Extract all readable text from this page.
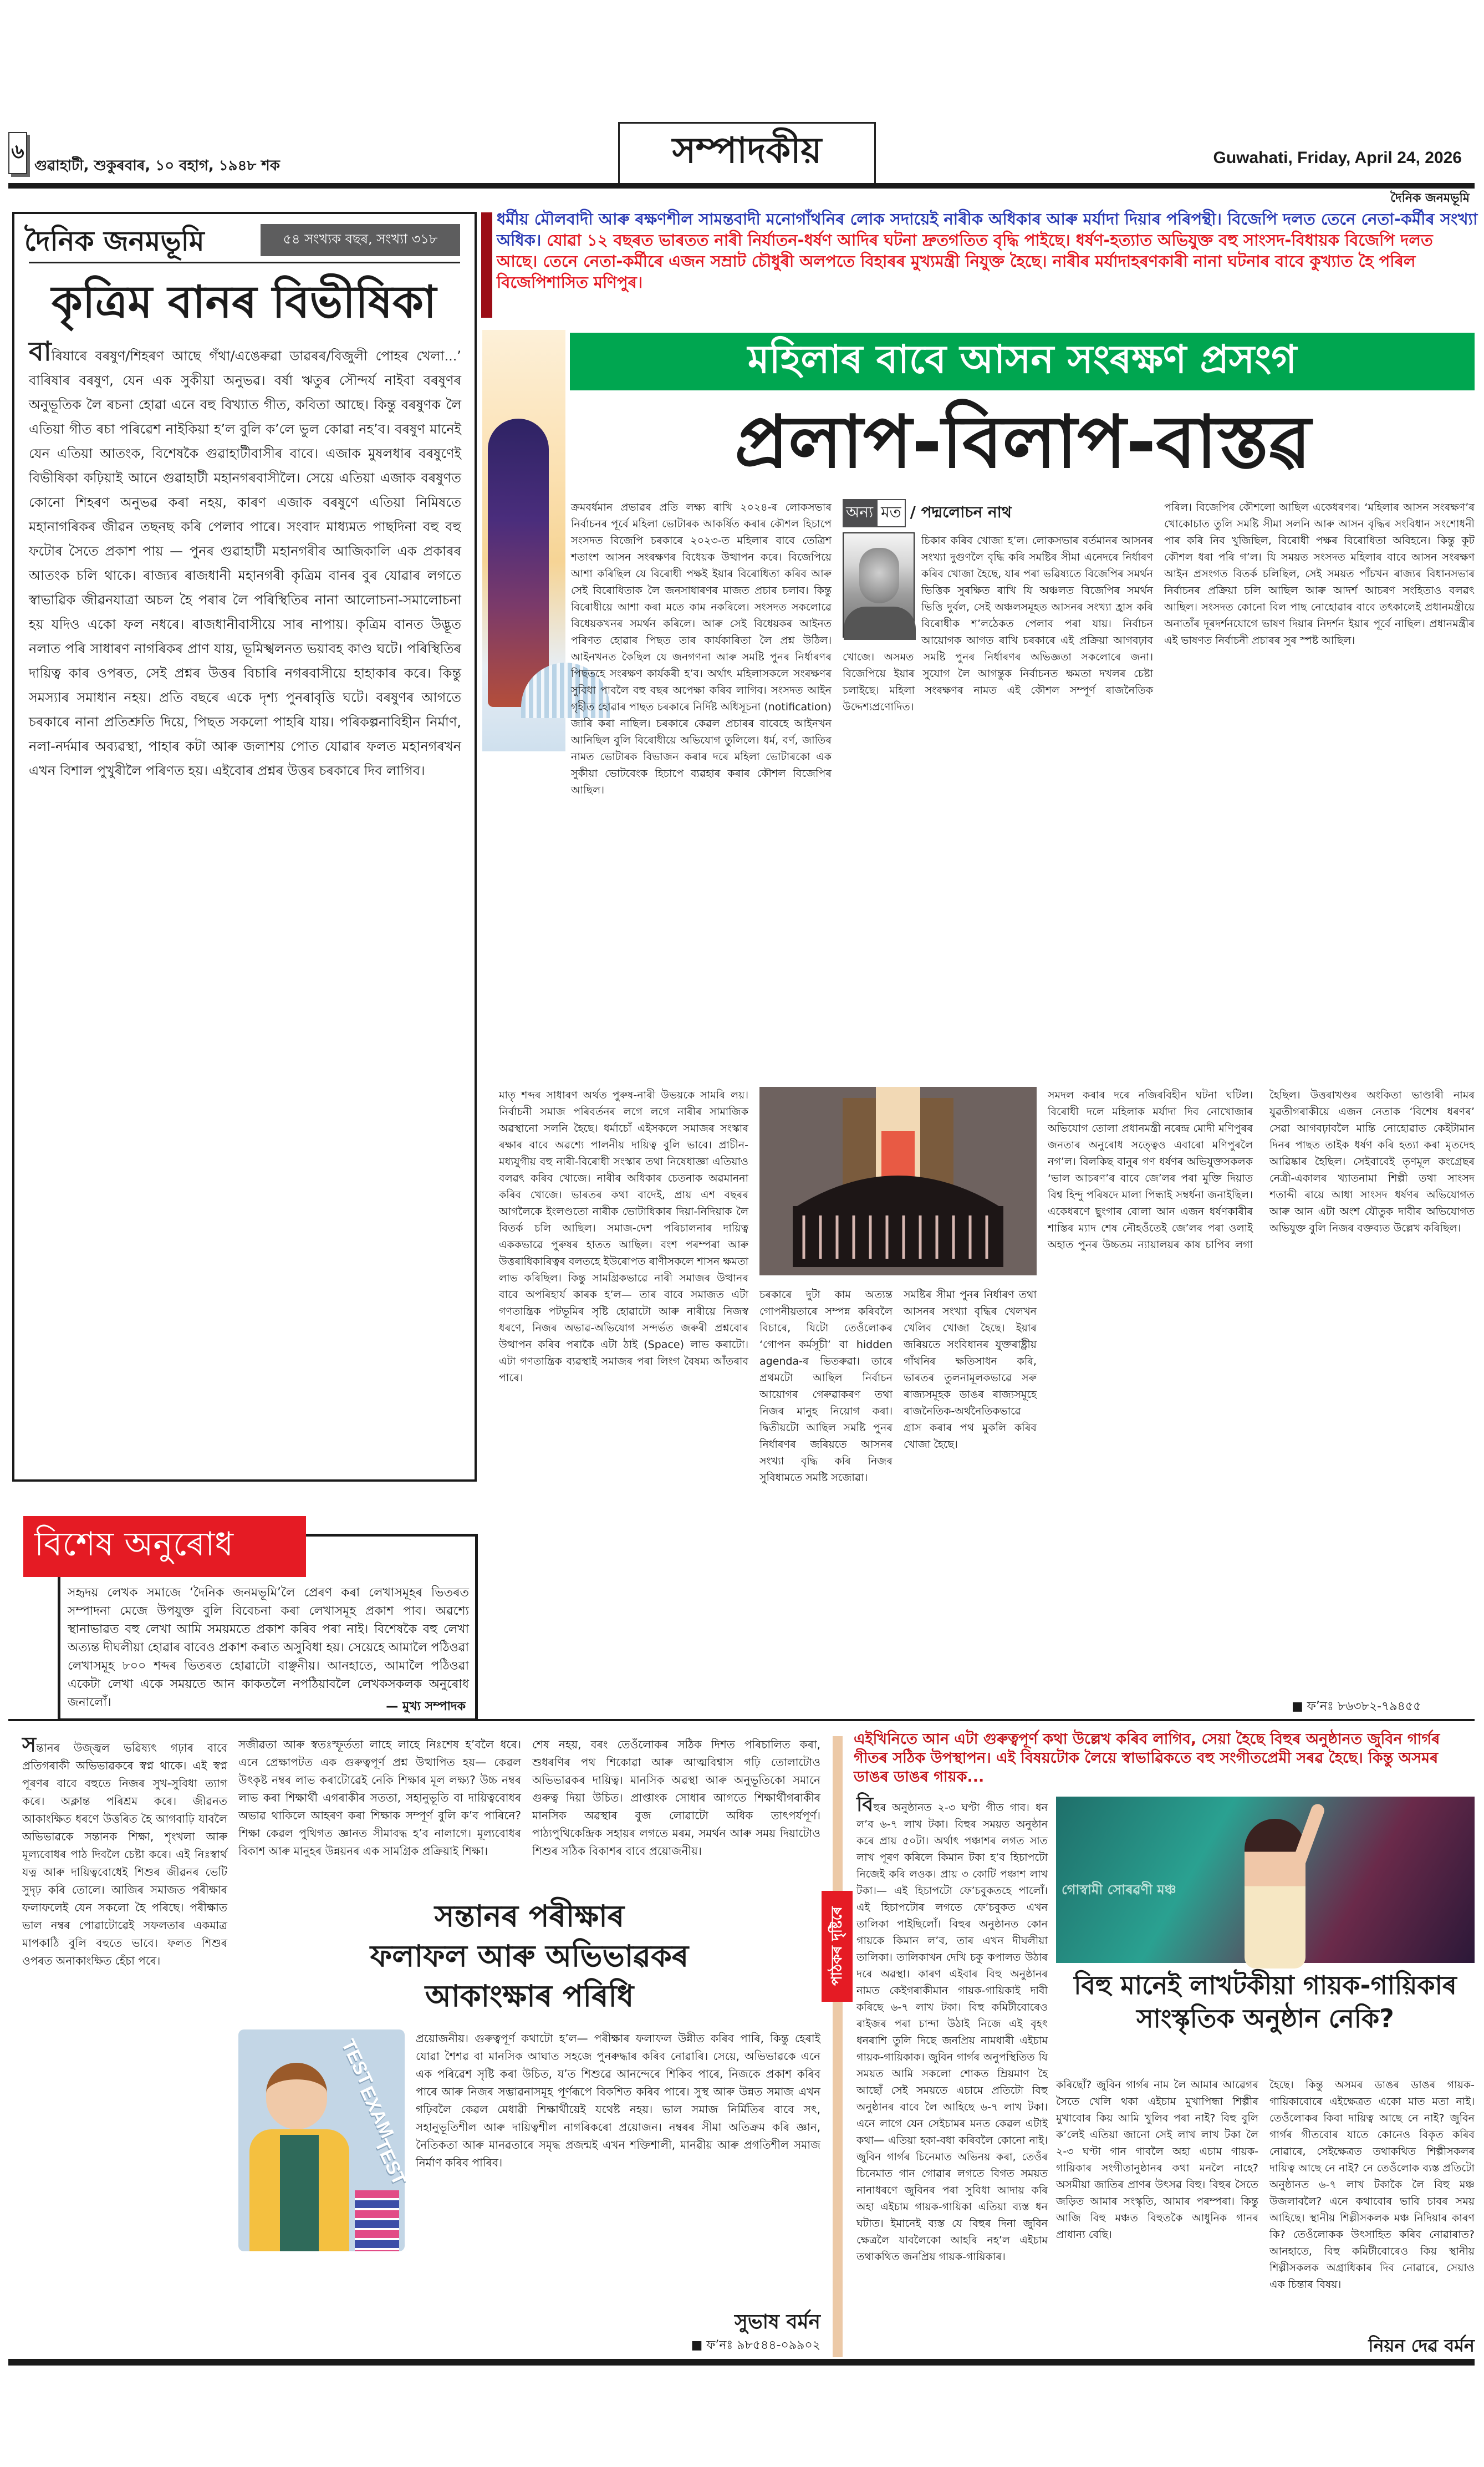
৬
গুৱাহাটী, শুকুৰবাৰ, ১০ বহাগ, ১৯৪৮ শক	সম্পাদকীয়	Guwahati, Friday, April 24, 2026
দৈনিক জনমভূমি
দৈনিক জনমভূমি	৫৪ সংখ্যক বছৰ, সংখ্যা ৩১৮
কৃত্ৰিম বানৰ বিভীষিকা
বাৰিযাৰে বৰষুণ/শিহৰণ আছে গঁথা/এঙেৰুৱা ডাৱৰৰ/বিজুলী পোহৰ খেলা...’ বাৰিষাৰ বৰষুণ, যেন এক সুকীয়া অনুভৱ। বৰ্ষা ঋতুৰ সৌন্দৰ্য নাইবা বৰষুণৰ অনুভূতিক লৈ ৰচনা হোৱা এনে বহু বিখ্যাত গীত, কবিতা আছে। কিন্তু বৰষুণক লৈ এতিয়া গীত ৰচা পৰিৱেশ নাইকিয়া হ’ল বুলি ক’লে ভুল কোৱা নহ’ব। বৰষুণ মানেই যেন এতিয়া আতংক, বিশেষকৈ গুৱাহাটীবাসীৰ বাবে। এজাক মুষলধাৰ বৰষুণেই বিভীষিকা কঢ়িয়াই আনে গুৱাহাটী মহানগৰবাসীলৈ। সেয়ে এতিয়া এজাক বৰষুণত কোনো শিহৰণ অনুভৱ কৰা নহয়, কাৰণ এজাক বৰষুণে এতিয়া নিমিষতে মহানাগৰিকৰ জীৱন তছনছ কৰি পেলাব পাৰে। সংবাদ মাধ্যমত পাছদিনা বহু বহু ফটোৰ সৈতে প্ৰকাশ পায় — পুনৰ গুৱাহাটী মহানগৰীৰ আজিকালি এক প্ৰকাৰৰ আতংক চলি থাকে। ৰাজ্যৰ ৰাজধানী মহানগৰী কৃত্ৰিম বানৰ বুৰ যোৱাৰ লগতে স্বাভাৱিক জীৱনযাত্ৰা অচল হৈ পৰাৰ লৈ পৰিস্থিতিৰ নানা আলোচনা-সমালোচনা হয় যদিও একো ফল নধৰে। ৰাজধানীবাসীয়ে সাৰ নাপায়। কৃত্ৰিম বানত উদ্ভূত নলাত পৰি সাধাৰণ নাগৰিকৰ প্ৰাণ যায়, ভূমিস্খলনত ভয়াবহ কাণ্ড ঘটে। পৰিস্থিতিৰ দায়িত্ব কাৰ ওপৰত, সেই প্ৰশ্নৰ উত্তৰ বিচাৰি নগৰবাসীয়ে হাহাকাৰ কৰে। কিন্তু সমস্যাৰ সমাধান নহয়। প্ৰতি বছৰে একে দৃশ্য পুনৰাবৃত্তি ঘটে। বৰষুণৰ আগতে চৰকাৰে নানা প্ৰতিশ্ৰুতি দিয়ে, পিছত সকলো পাহৰি যায়। পৰিকল্পনাবিহীন নিৰ্মাণ, নলা-নৰ্দমাৰ অব্যৱস্থা, পাহাৰ কটা আৰু জলাশয় পোত যোৱাৰ ফলত মহানগৰখন এখন বিশাল পুখুৰীলৈ পৰিণত হয়। এইবোৰ প্ৰশ্নৰ উত্তৰ চৰকাৰে দিব লাগিব।
বিশেষ অনুৰোধ
সহৃদয় লেখক সমাজে ‘দৈনিক জনমভূমি’লৈ প্ৰেৰণ কৰা লেখাসমূহৰ ভিতৰত সম্পাদনা মেজে উপযুক্ত বুলি বিবেচনা কৰা লেখাসমূহ প্ৰকাশ পাব। অৱশ্যে স্থানাভাৱত বহু লেখা আমি সময়মতে প্ৰকাশ কৰিব পৰা নাই। বিশেষকৈ বহু লেখা অত্যন্ত দীঘলীয়া হোৱাৰ বাবেও প্ৰকাশ কৰাত অসুবিধা হয়। সেয়েহে আমালৈ পঠিওৱা লেখাসমূহ ৮০০ শব্দৰ ভিতৰত হোৱাটো বাঞ্ছনীয়। আনহাতে, আমালৈ পঠিওৱা একেটা লেখা একে সময়তে আন কাকতলৈ নপঠিয়াবলৈ লেখকসকলক অনুৰোধ জনালোঁ।	— মুখ্য সম্পাদক
ধৰ্মীয় মৌলবাদী আৰু ৰক্ষণশীল সামন্তবাদী মনোগাঁথনিৰ লোক সদায়েই নাৰীক অধিকাৰ আৰু মৰ্যাদা দিয়াৰ পৰিপন্থী। বিজেপি দলত তেনে নেতা-কৰ্মীৰ সংখ্যা অধিক। যোৱা ১২ বছৰত ভাৰতত নাৰী নিৰ্যাতন-ধৰ্ষণ আদিৰ ঘটনা দ্ৰুতগতিত বৃদ্ধি পাইছে। ধৰ্ষণ-হত্যাত অভিযুক্ত বহু সাংসদ-বিধায়ক বিজেপি দলত আছে। তেনে নেতা-কৰ্মীৰে এজন সম্ৰাট চৌধুৰী অলপতে বিহাৰৰ মুখ্যমন্ত্ৰী নিযুক্ত হৈছে। নাৰীৰ মৰ্যাদাহৰণকাৰী নানা ঘটনাৰ বাবে কুখ্যাত হৈ পৰিল বিজেপিশাসিত মণিপুৰ।
মহিলাৰ বাবে আসন সংৰক্ষণ প্ৰসংগ
প্ৰলাপ-বিলাপ-বাস্তৱ
অন্য মত / পদ্মলোচন নাথ
ক্ৰমবৰ্ধমান প্ৰভাৱৰ প্ৰতি লক্ষ্য ৰাখি ২০২৪-ৰ লোকসভাৰ নিৰ্বাচনৰ পূৰ্বে মহিলা ভোটাৰক আকৰ্ষিত কৰাৰ কৌশল হিচাপে সংসদত বিজেপি চৰকাৰে ২০২৩-ত মহিলাৰ বাবে তেত্ৰিশ শতাংশ আসন সংৰক্ষণৰ বিধেয়ক উত্থাপন কৰে। বিজেপিয়ে আশা কৰিছিল যে বিৰোধী পক্ষই ইয়াৰ বিৰোধিতা কৰিব আৰু সেই বিৰোধিতাক লৈ জনসাধাৰণৰ মাজত প্ৰচাৰ চলাব। কিন্তু বিৰোধীয়ে আশা কৰা মতে কাম নকৰিলে। সংসদত সকলোৱে বিধেয়কখনৰ সমৰ্থন কৰিলে। আৰু সেই বিধেয়কৰ আইনত পৰিণত হোৱাৰ পিছত তাৰ কাৰ্যকাৰিতা লৈ প্ৰশ্ন উঠিল। আইনখনত কৈছিল যে জনগণনা আৰু সমষ্টি পুনৰ নিৰ্ধাৰণৰ পিছতহে সংৰক্ষণ কাৰ্যকৰী হ’ব। অৰ্থাৎ মহিলাসকলে সংৰক্ষণৰ সুবিধা পাবলৈ বহু বছৰ অপেক্ষা কৰিব লাগিব। সংসদত আইন গৃহীত হোৱাৰ পাছত চৰকাৰে নিৰ্দিষ্ট অধিসূচনা (notification) জাৰি কৰা নাছিল। চৰকাৰে কেৱল প্ৰচাৰৰ বাবেহে আইনখন আনিছিল বুলি বিৰোধীয়ে অভিযোগ তুলিলে। ধৰ্ম, বৰ্ণ, জাতিৰ নামত ভোটাৰক বিভাজন কৰাৰ দৰে মহিলা ভোটাৰকো এক সুকীয়া ভোটবেংক হিচাপে ব্যৱহাৰ কৰাৰ কৌশল বিজেপিৰ আছিল।
চিকাৰ কৰিব খোজা হ’ল। লোকসভাৰ বৰ্তমানৰ আসনৰ সংখ্যা দুগুণলৈ বৃদ্ধি কৰি সমষ্টিৰ সীমা এনেদৰে নিৰ্ধাৰণ কৰিব খোজা হৈছে, যাৰ পৰা ভৱিষ্যতে বিজেপিৰ সমৰ্থন ভিত্তিক সুৰক্ষিত ৰাখি যি অঞ্চলত বিজেপিৰ সমৰ্থন ভিত্তি দুৰ্বল, সেই অঞ্চলসমূহত আসনৰ সংখ্যা হ্ৰাস কৰি বিৰোধীক শ’লঠেকত পেলাব পৰা যায়। নিৰ্বাচন আয়োগক আগত ৰাখি চৰকাৰে এই প্ৰক্ৰিয়া আগবঢ়াব খোজে। অসমত সমষ্টি পুনৰ নিৰ্ধাৰণৰ অভিজ্ঞতা সকলোৰে জনা। বিজেপিয়ে ইয়াৰ সুযোগ লৈ আগন্তুক নিৰ্বাচনত ক্ষমতা দখলৰ চেষ্টা চলাইছে। মহিলা সংৰক্ষণৰ নামত এই কৌশল সম্পূৰ্ণ ৰাজনৈতিক উদ্দেশ্যপ্ৰণোদিত।
পৰিল। বিজেপিৰ কৌশলো আছিল একেধৰণৰ। ‘মহিলাৰ আসন সংৰক্ষণ’ৰ খোকোচাত তুলি সমষ্টি সীমা সলনি আৰু আসন বৃদ্ধিৰ সংবিধান সংশোধনী পাৰ কৰি নিব খুজিছিল, বিৰোধী পক্ষৰ বিৰোধিতা অবিহনে। কিন্তু কূট কৌশল ধৰা পৰি গ’ল। যি সময়ত সংসদত মহিলাৰ বাবে আসন সংৰক্ষণ আইন প্ৰসংগত বিতৰ্ক চলিছিল, সেই সময়ত পাঁচখন ৰাজ্যৰ বিধানসভাৰ নিৰ্বাচনৰ প্ৰক্ৰিয়া চলি আছিল আৰু আদৰ্শ আচৰণ সংহিতাও বলৱৎ আছিল। সংসদত কোনো বিল পাছ নোহোৱাৰ বাবে তৎকালেই প্ৰধানমন্ত্ৰীয়ে অনাতাঁৰ দূৰদৰ্শনযোগে ভাষণ দিয়াৰ নিদৰ্শন ইয়াৰ পূৰ্বে নাছিল। প্ৰধানমন্ত্ৰীৰ এই ভাষণত নিৰ্বাচনী প্ৰচাৰৰ সুৰ স্পষ্ট আছিল।
মাতৃ শব্দৰ সাধাৰণ অৰ্থত পুৰুষ-নাৰী উভয়কে সামৰি লয়। নিৰ্বাচনী সমাজ পৰিবৰ্তনৰ লগে লগে নাৰীৰ সামাজিক অৱস্থানো সলনি হৈছে। ধৰ্মাচোঁ এইসকলে সমাজৰ সংস্কাৰ ৰক্ষাৰ বাবে অৱশ্যে পালনীয় দায়িত্ব বুলি ভাবে। প্ৰাচীন-মধ্যযুগীয় বহু নাৰী-বিৰোধী সংস্কাৰ তথা নিষেধাজ্ঞা এতিয়াও বলৱৎ কৰিব খোজে। নাৰীৰ অধিকাৰ চেতনাক অৱমাননা কৰিব খোজে। ভাৰতৰ কথা বাদেই, প্ৰায় এশ বছৰৰ আগলৈকে ইংলণ্ডতো নাৰীক ভোটাধিকাৰ দিয়া-নিদিয়াক লৈ বিতৰ্ক চলি আছিল। সমাজ-দেশ পৰিচালনাৰ দায়িত্ব এককভাৱে পুৰুষৰ হাতত আছিল। বংশ পৰম্পৰা আৰু উত্তৰাধিকাৰিত্বৰ বলতহে ইউৰোপত ৰাণীসকলে শাসন ক্ষমতা লাভ কৰিছিল। কিন্তু সামগ্ৰিকভাৱে নাৰী সমাজৰ উত্থানৰ বাবে অপৰিহাৰ্য কাৰক হ’ল— তাৰ বাবে সমাজত এটা গণতান্ত্ৰিক পটভূমিৰ সৃষ্টি হোৱাটো আৰু নাৰীয়ে নিজস্ব ধৰণে, নিজৰ অভাৱ-অভিযোগ সন্দৰ্ভত জৰুৰী প্ৰশ্নবোৰ উত্থাপন কৰিব পৰাকৈ এটা ঠাই (Space) লাভ কৰাটো। এটা গণতান্ত্ৰিক ব্যৱস্থাই সমাজৰ পৰা লিংগ বৈষম্য আঁতৰাব পাৰে।
চৰকাৰে দুটা কাম অত্যন্ত গোপনীয়তাৰে সম্পন্ন কৰিবলৈ বিচাৰে, যিটো তেওঁলোকৰ ‘গোপন কৰ্মসূচী’ বা hidden agenda-ৰ ভিতৰুৱা। তাৰে প্ৰথমটো আছিল নিৰ্বাচন আয়োগৰ গেৰুৱাকৰণ তথা নিজৰ মানুহ নিয়োগ কৰা। দ্বিতীয়টো আছিল সমষ্টি পুনৰ নিৰ্ধাৰণৰ জৰিয়তে আসনৰ সংখ্যা বৃদ্ধি কৰি নিজৰ সুবিধামতে সমষ্টি সজোৱা।
সমষ্টিৰ সীমা পুনৰ নিৰ্ধাৰণ তথা আসনৰ সংখ্যা বৃদ্ধিৰ খেলখন খেলিব খোজা হৈছে। ইয়াৰ জৰিয়তে সংবিধানৰ যুক্তৰাষ্ট্ৰীয় গাঁথনিৰ ক্ষতিসাধন কৰি, ভাৰতৰ তুলনামূলকভাৱে সৰু ৰাজ্যসমূহক ডাঙৰ ৰাজ্যসমূহে ৰাজনৈতিক-অৰ্থনৈতিকভাৱে গ্ৰাস কৰাৰ পথ মুকলি কৰিব খোজা হৈছে।
সমদল কৰাৰ দৰে নজিৰবিহীন ঘটনা ঘটিল। বিৰোধী দলে মহিলাক মৰ্যাদা দিব নোখোজাৰ অভিযোগ তোলা প্ৰধানমন্ত্ৰী নৰেন্দ্ৰ মোদী মণিপুৰৰ জনতাৰ অনুৰোধ সত্ত্বেও এবাৰো মণিপুৰলৈ নগ’ল। বিলকিছ বানুৰ গণ ধৰ্ষণৰ অভিযুক্তসকলক ‘ভাল আচৰণ’ৰ বাবে জে’লৰ পৰা মুক্তি দিয়াত বিশ্ব হিন্দু পৰিষদে মালা পিন্ধাই সম্বৰ্ধনা জনাইছিল। একেধৰণে ছুংগাৰ বোলা আন এজন ধৰ্ষণকাৰীৰ শাস্তিৰ ম্যাদ শেষ নৌহওঁতেই জে’লৰ পৰা ওলাই অহাত পুনৰ উচ্চতম ন্যায়ালয়ৰ কাষ চাপিব লগা হৈছিল। উত্তৰাখণ্ডৰ অংকিতা ভাণ্ডাৰী নামৰ যুৱতীগৰাকীয়ে এজন নেতাক ‘বিশেষ ধৰণৰ’ সেৱা আগবঢ়াবলৈ মান্তি নোহোৱাত কেইটামান দিনৰ পাছত তাইক ধৰ্ষণ কৰি হত্যা কৰা মৃতদেহ আৱিষ্কাৰ হৈছিল। সেইবাবেই তৃণমূল কংগ্ৰেছৰ নেত্ৰী-একালৰ খ্যাতনামা শিল্পী তথা সাংসদ শতাব্দী ৰায়ে আধা সাংসদ ধৰ্ষণৰ অভিযোগত আৰু আন এটা অংশ যৌতুক দাবীৰ অভিযোগত অভিযুক্ত বুলি নিজৰ বক্তব্যত উল্লেখ কৰিছিল।
■ ফ’নঃ ৮৬৩৮২-৭৯৪৫৫
সন্তানৰ উজ্জ্বল ভৱিষ্যৎ গঢ়াৰ বাবে প্ৰতিগৰাকী অভিভাৱকৰে স্বপ্ন থাকে। এই স্বপ্ন পূৰণৰ বাবে বহুতে নিজৰ সুখ-সুবিধা ত্যাগ কৰে। অক্লান্ত পৰিশ্ৰম কৰে। জীৱনত আকাংক্ষিত ধৰণে উত্তৰিত হৈ আগবাঢ়ি যাবলৈ অভিভাৱকে সন্তানক শিক্ষা, শৃংখলা আৰু মূল্যবোধৰ পাঠ দিবলৈ চেষ্টা কৰে। এই নিঃস্বাৰ্থ যত্ন আৰু দায়িত্ববোধেই শিশুৰ জীৱনৰ ভেটি সুদৃঢ় কৰি তোলে। আজিৰ সমাজত পৰীক্ষাৰ ফলাফলেই যেন সকলো হৈ পৰিছে। পৰীক্ষাত ভাল নম্বৰ পোৱাটোৱেই সফলতাৰ একমাত্ৰ মাপকাঠি বুলি বহুতে ভাবে। ফলত শিশুৰ ওপৰত অনাকাংক্ষিত হেঁচা পৰে।
সজীৱতা আৰু স্বতঃস্ফূৰ্ততা লাহে লাহে নিঃশেষ হ’বলৈ ধৰে। এনে প্ৰেক্ষাপটত এক গুৰুত্বপূৰ্ণ প্ৰশ্ন উত্থাপিত হয়— কেৱল উৎকৃষ্ট নম্বৰ লাভ কৰাটোৱেই নেকি শিক্ষাৰ মূল লক্ষ্য? উচ্চ নম্বৰ লাভ কৰা শিক্ষাৰ্থী এগৰাকীৰ সততা, সহানুভূতি বা দায়িত্ববোধৰ অভাৱ থাকিলে আহৰণ কৰা শিক্ষাক সম্পূৰ্ণ বুলি ক’ব পাৰিনে? শিক্ষা কেৱল পুথিগত জ্ঞানত সীমাবদ্ধ হ’ব নালাগে। মূল্যবোধৰ বিকাশ আৰু মানুহৰ উন্নয়নৰ এক সামগ্ৰিক প্ৰক্ৰিয়াই শিক্ষা।
শেষ নহয়, বৰং তেওঁলোকৰ সঠিক দিশত পৰিচালিত কৰা, শুধৰণিৰ পথ শিকোৱা আৰু আত্মবিশ্বাস গঢ়ি তোলাটোও অভিভাৱকৰ দায়িত্ব। মানসিক অৱস্থা আৰু অনুভূতিকো সমানে গুৰুত্ব দিয়া উচিত। প্ৰাপ্তাংক সোধাৰ আগতে শিক্ষাৰ্থীগৰাকীৰ মানসিক অৱস্থাৰ বুজ লোৱাটো অধিক তাৎপৰ্যপূৰ্ণ। পাঠ্যপুথিকেন্দ্ৰিক সহায়ৰ লগতে মৰম, সমৰ্থন আৰু সময় দিয়াটোও শিশুৰ সঠিক বিকাশৰ বাবে প্ৰয়োজনীয়।
সন্তানৰ পৰীক্ষাৰ
ফলাফল আৰু অভিভাৱকৰ
আকাংক্ষাৰ পৰিধি
TEST
EXAM
TEST
প্ৰয়োজনীয়। গুৰুত্বপূৰ্ণ কথাটো হ’ল— পৰীক্ষাৰ ফলাফল উন্নীত কৰিব পাৰি, কিন্তু হেৰাই যোৱা শৈশৱ বা মানসিক আঘাত সহজে পুনৰুদ্ধাৰ কৰিব নোৱাৰি। সেয়ে, অভিভাৱকে এনে এক পৰিৱেশ সৃষ্টি কৰা উচিত, য’ত শিশুৱে আনন্দেৰে শিকিব পাৰে, নিজকে প্ৰকাশ কৰিব পাৰে আৰু নিজৰ সম্ভাৱনাসমূহ পূৰ্ণৰূপে বিকশিত কৰিব পাৰে। সুস্থ আৰু উন্নত সমাজ এখন গঢ়িবলৈ কেৱল মেধাৱী শিক্ষাৰ্থীয়েই যথেষ্ট নহয়। ভাল সমাজ নিৰ্মিতিৰ বাবে সৎ, সহানুভূতিশীল আৰু দায়িত্বশীল নাগৰিকৰো প্ৰয়োজন। নম্বৰৰ সীমা অতিক্ৰম কৰি জ্ঞান, নৈতিকতা আৰু মানৱতাৰে সমৃদ্ধ প্ৰজন্মই এখন শক্তিশালী, মানৱীয় আৰু প্ৰগতিশীল সমাজ নিৰ্মাণ কৰিব পাৰিব।
সুভাষ বৰ্মন
■ ফ’নঃ ৯৮৫৪৪-০৯৯০২
পাঠকৰ দৃষ্টিৰে
এইখিনিতে আন এটা গুৰুত্বপূৰ্ণ কথা উল্লেখ কৰিব লাগিব, সেয়া হৈছে বিহুৰ অনুষ্ঠানত জুবিন গাৰ্গৰ গীতৰ সঠিক উপস্থাপন। এই বিষয়টোক লৈয়ে স্বাভাৱিকতে বহু সংগীতপ্ৰেমী সৰৱ হৈছে। কিন্তু অসমৰ ডাঙৰ ডাঙৰ গায়ক...
বিহুৰ অনুষ্ঠানত ২-৩ ঘণ্টা গীত গাব। ধন ল’ব ৬-৭ লাখ টকা। বিহুৰ সময়ত অনুষ্ঠান কৰে প্ৰায় ৫০টা। অৰ্থাৎ পঞ্চাশৰ লগত সাত লাখ পূৰণ কৰিলে কিমান টকা হ’ব হিচাপটো নিজেই কৰি লওক। প্ৰায় ৩ কোটি পঞ্চাশ লাখ টকা।— এই হিচাপটো ফে’চবুকতহে পালোঁ। এই হিচাপটোৰ লগতে ফে’চবুকত এখন তালিকা পাইছিলোঁ। বিহুৰ অনুষ্ঠানত কোন গায়কে কিমান ল’ব, তাৰ এখন দীঘলীয়া তালিকা। তালিকাখন দেখি চকু কপালত উঠাৰ দৰে অৱস্থা। কাৰণ এইবাৰ বিহু অনুষ্ঠানৰ নামত কেইগৰাকীমান গায়ক-গায়িকাই দাবী কৰিছে ৬-৭ লাখ টকা। বিহু কমিটীবোৰেও ৰাইজৰ পৰা চান্দা উঠাই নিজে এই বৃহৎ ধনৰাশি তুলি দিছে জনপ্ৰিয় নামধাৰী এইচাম গায়ক-গায়িকাক। জুবিন গাৰ্গৰ অনুপস্থিতিত যি সময়ত আমি সকলো শোকত ম্ৰিয়মাণ হৈ আছোঁ সেই সময়তে এচামে প্ৰতিটো বিহু অনুষ্ঠানৰ বাবে লৈ আহিছে ৬-৭ লাখ টকা। এনে লাগে যেন সেইচামৰ মনত কেৱল এটাই কথা— এতিয়া হকা-বধা কৰিবলৈ কোনো নাই। জুবিন গাৰ্গৰ চিনেমাত অভিনয় কৰা, তেওঁৰ চিনেমাত গান গোৱাৰ লগতে বিগত সময়ত নানাধৰণে জুবিনৰ পৰা সুবিধা আদায় কৰি অহা এইচাম গায়ক-গায়িকা এতিয়া ব্যস্ত ধন ঘটাত। ইমানেই ব্যস্ত যে বিহুৰ দিনা জুবিন ক্ষেত্ৰলৈ যাবলৈকো আহৰি নহ’ল এইচাম তথাকথিত জনপ্ৰিয় গায়ক-গায়িকাৰ।
গোস্বামী সোৰৱণী মঞ্চ
বিহু মানেই লাখটকীয়া গায়ক-গায়িকাৰ সাংস্কৃতিক অনুষ্ঠান নেকি?
কৰিছোঁ? জুবিন গাৰ্গৰ নাম লৈ আমাৰ আৱেগৰ সৈতে খেলি থকা এইচাম মুখাপিন্ধা শিল্পীৰ মুখাবোৰ কিয় আমি খুলিব পৰা নাই? বিহু বুলি ক’লেই এতিয়া জানো সেই লাখ লাখ টকা লৈ ২-৩ ঘণ্টা গান গাবলৈ অহা এচাম গায়ক-গায়িকাৰ সংগীতানুষ্ঠানৰ কথা মনলৈ নাহে? অসমীয়া জাতিৰ প্ৰাণৰ উৎসৱ বিহু। বিহুৰ সৈতে জড়িত আমাৰ সংস্কৃতি, আমাৰ পৰম্পৰা। কিন্তু আজি বিহু মঞ্চত বিহুতকৈ আধুনিক গানৰ প্ৰাধান্য বেছি।
হৈছে। কিন্তু অসমৰ ডাঙৰ ডাঙৰ গায়ক-গায়িকাবোৰে এইক্ষেত্ৰত একো মাত মতা নাই। তেওঁলোকৰ কিবা দায়িত্ব আছে নে নাই? জুবিন গাৰ্গৰ গীতবোৰ যাতে কোনেও বিকৃত কৰিব নোৱাৰে, সেইক্ষেত্ৰত তথাকথিত শিল্পীসকলৰ দায়িত্ব আছে নে নাই? নে তেওঁলোক ব্যস্ত প্ৰতিটো অনুষ্ঠানত ৬-৭ লাখ টকাকৈ লৈ বিহু মঞ্চ উজলাবলৈ? এনে কথাবোৰ ভাবি চাবৰ সময় আহিছে। স্থানীয় শিল্পীসকলক মঞ্চ নিদিয়াৰ কাৰণ কি? তেওঁলোকক উৎসাহিত কৰিব নোৱাৰাত? আনহাতে, বিহু কমিটীবোৰেও কিয় স্থানীয় শিল্পীসকলক অগ্ৰাধিকাৰ দিব নোৱাৰে, সেয়াও এক চিন্তাৰ বিষয়।
নিয়ন দেৱ বৰ্মন
